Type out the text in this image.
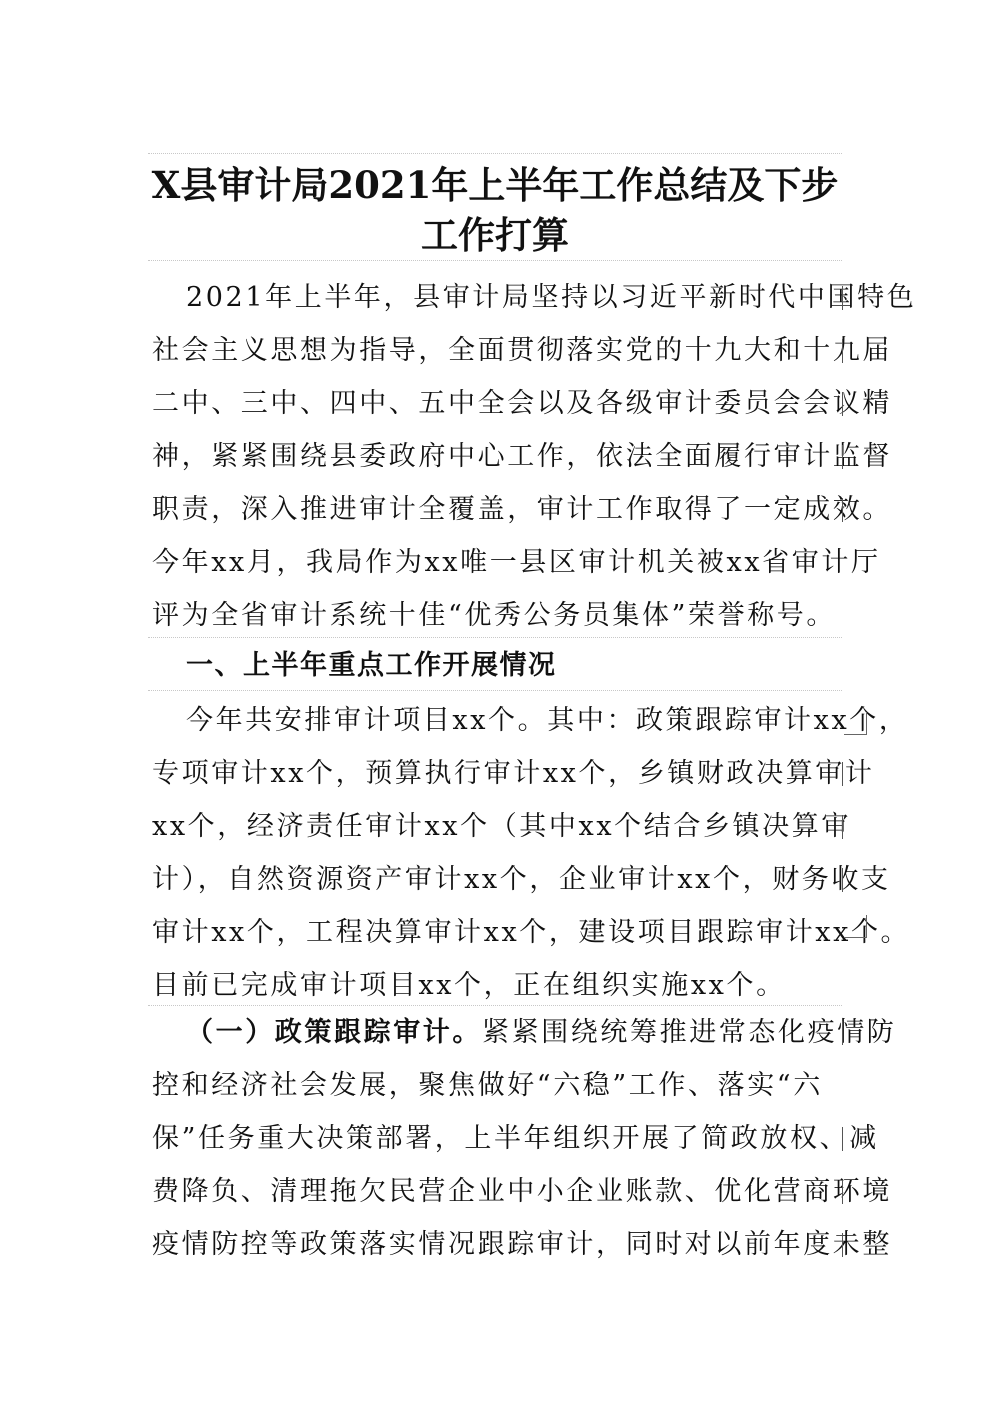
X县审计局2021年上半年工作总结及下步
工作打算
2021年上半年，县审计局坚持以习近平新时代中国特色
社会主义思想为指导，全面贯彻落实党的十九大和十九届
二中、三中、四中、五中全会以及各级审计委员会会议精
神，紧紧围绕县委政府中心工作，依法全面履行审计监督
职责，深入推进审计全覆盖，审计工作取得了一定成效。
今年xx月，我局作为xx唯一县区审计机关被xx省审计厅
评为全省审计系统十佳“优秀公务员集体”荣誉称号。
一、上半年重点工作开展情况
今年共安排审计项目xx个。其中：政策跟踪审计xx个，
专项审计xx个，预算执行审计xx个，乡镇财政决算审计
xx个，经济责任审计xx个（其中xx个结合乡镇决算审
计），自然资源资产审计xx个，企业审计xx个，财务收支
审计xx个，工程决算审计xx个，建设项目跟踪审计xx个。
目前已完成审计项目xx个，正在组织实施xx个。
（一）政策跟踪审计。紧紧围绕统筹推进常态化疫情防
控和经济社会发展，聚焦做好“六稳”工作、落实“六
保”任务重大决策部署，上半年组织开展了简政放权、减
费降负、清理拖欠民营企业中小企业账款、优化营商环境
疫情防控等政策落实情况跟踪审计，同时对以前年度未整
